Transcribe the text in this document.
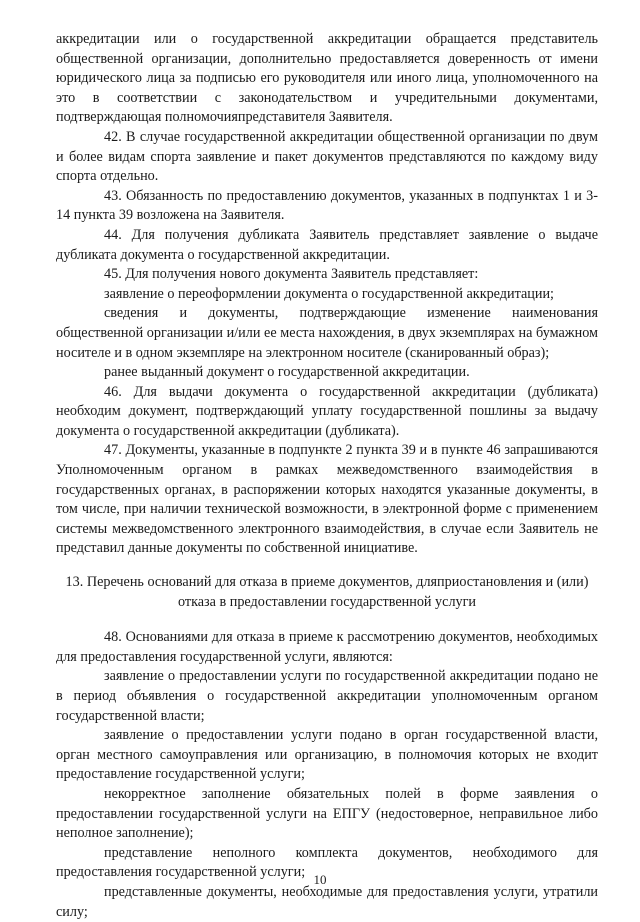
аккредитации или о государственной аккредитации обращается представитель общественной организации, дополнительно предоставляется доверенность от имени юридического лица за подписью его руководителя или иного лица, уполномоченного на это в соответствии с законодательством и учредительными документами, подтверждающая полномочияпредставителя Заявителя.

42. В случае государственной аккредитации общественной организации по двум и более видам спорта заявление и пакет документов представляются по каждому виду спорта отдельно.

43. Обязанность по предоставлению документов, указанных в подпунктах 1 и 3-14 пункта 39 возложена на Заявителя.

44. Для получения дубликата Заявитель представляет заявление о выдаче дубликата документа о государственной аккредитации.

45. Для получения нового документа Заявитель представляет:

заявление о переоформлении документа о государственной аккредитации;

сведения и документы, подтверждающие изменение наименования общественной организации и/или ее места нахождения, в двух экземплярах на бумажном носителе и в одном экземпляре на электронном носителе (сканированный образ);

ранее выданный документ о государственной аккредитации.

46. Для выдачи документа о государственной аккредитации (дубликата) необходим документ, подтверждающий уплату государственной пошлины за выдачу документа о государственной аккредитации (дубликата).

47. Документы, указанные в подпункте 2 пункта 39 и в пункте 46 запрашиваются Уполномоченным органом в рамках межведомственного взаимодействия в государственных органах, в распоряжении которых находятся указанные документы, в том числе, при наличии технической возможности, в электронной форме с применением системы межведомственного электронного взаимодействия, в случае если Заявитель не представил данные документы по собственной инициативе.

13. Перечень оснований для отказа в приеме документов, дляприостановления и (или) отказа в предоставлении государственной услуги

48. Основаниями для отказа в приеме к рассмотрению документов, необходимых для предоставления государственной услуги, являются:

заявление о предоставлении услуги по государственной аккредитации подано не в период объявления о государственной аккредитации уполномоченным органом государственной власти;

заявление о предоставлении услуги подано в орган государственной власти, орган местного самоуправления или организацию, в полномочия которых не входит предоставление государственной услуги;

некорректное заполнение обязательных полей в форме заявления о предоставлении государственной услуги на ЕПГУ (недостоверное, неправильное либо неполное заполнение);

представление неполного комплекта документов, необходимого для предоставления государственной услуги;

представленные документы, необходимые для предоставления услуги, утратили силу;

10
